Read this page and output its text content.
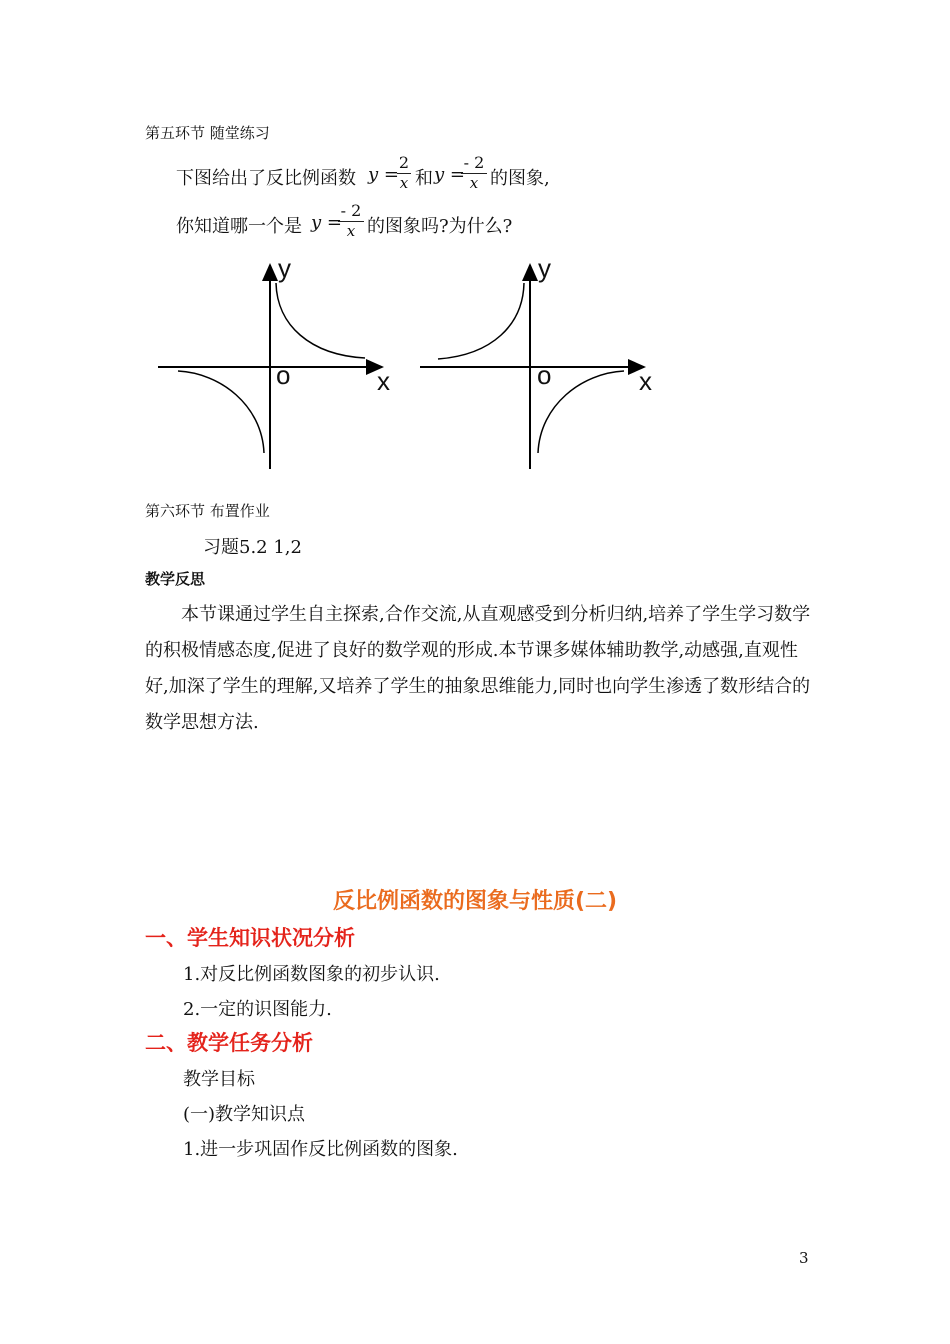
第五环节 随堂练习
下图给出了反比例函数 y =
2
x 和 y =
- 2
x 的图象,
你知道哪一个是 y =
- 2
x 的图象吗?为什么?
y
x
o
y
x
o
第六环节 布置作业
习题5.2 1,2
教学反思
本节课通过学生自主探索,合作交流,从直观感受到分析归纳,培养了学生学习数学的积极情感态度,促进了良好的数学观的形成.本节课多媒体辅助教学,动感强,直观性好,加深了学生的理解,又培养了学生的抽象思维能力,同时也向学生渗透了数形结合的数学思想方法.
反比例函数的图象与性质(二)
一、学生知识状况分析
1.对反比例函数图象的初步认识.
2.一定的识图能力.
二、教学任务分析
教学目标
(一)教学知识点
1.进一步巩固作反比例函数的图象.
3
